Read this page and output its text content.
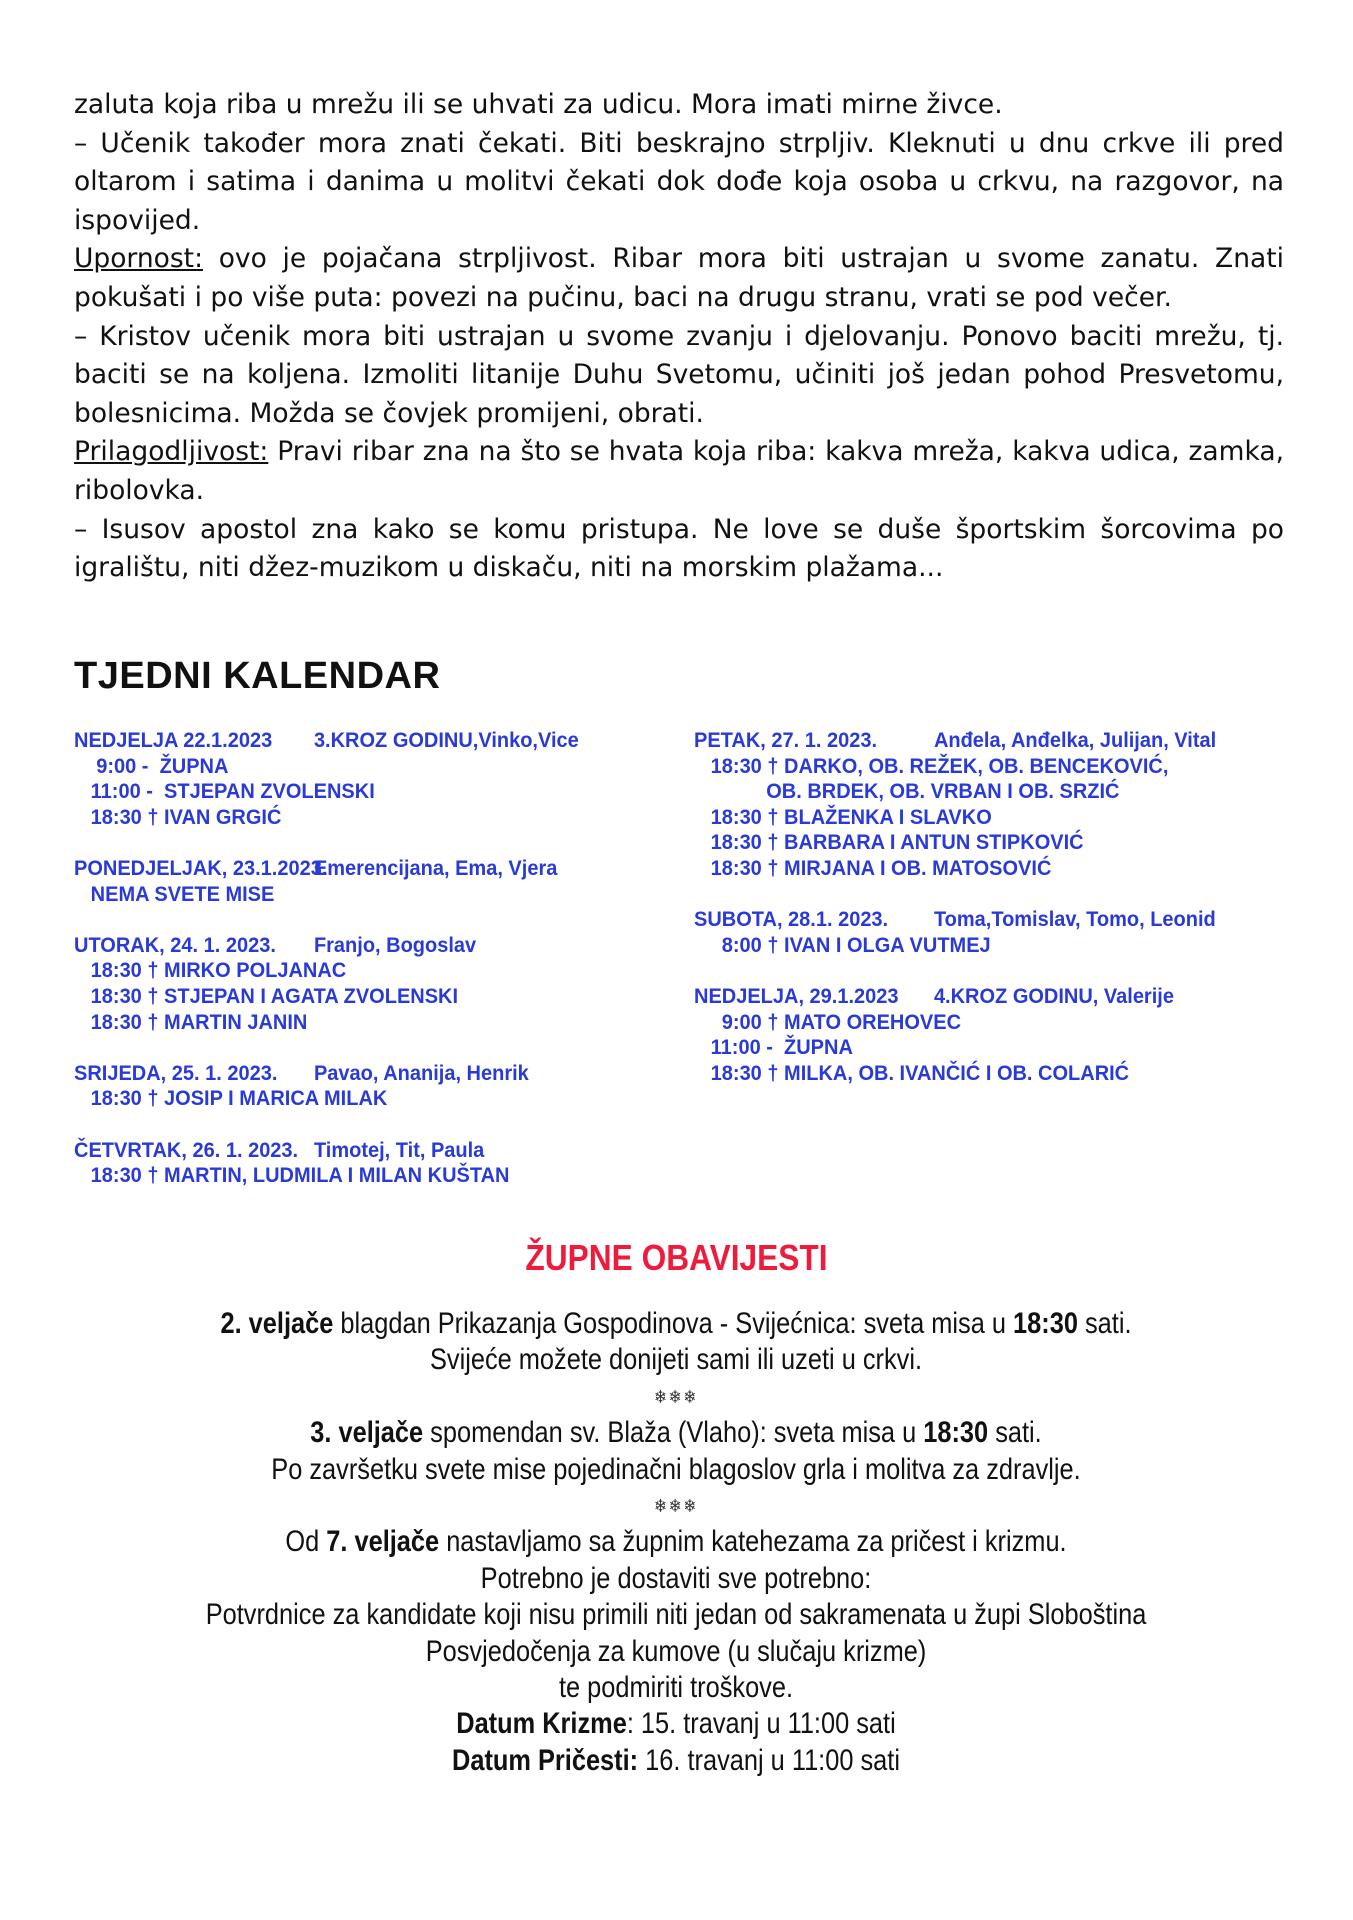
zaluta koja riba u mrežu ili se uhvati za udicu. Mora imati mirne živce.

– Učenik također mora znati čekati. Biti beskrajno strpljiv. Kleknuti u dnu crkve ili pred oltarom i satima i danima u molitvi čekati dok dođe koja osoba u crkvu, na razgovor, na ispovijed.

Upornost: ovo je pojačana strpljivost. Ribar mora biti ustrajan u svome zanatu. Znati pokušati i po više puta: povezi na pučinu, baci na drugu stranu, vrati se pod večer.

– Kristov učenik mora biti ustrajan u svome zvanju i djelovanju. Ponovo baciti mrežu, tj. baciti se na koljena. Izmoliti litanije Duhu Svetomu, učiniti još jedan pohod Presvetomu, bolesnicima. Možda se čovjek promijeni, obrati.

Prilagodljivost: Pravi ribar zna na što se hvata koja riba: kakva mreža, kakva udica, zamka, ribolovka.

– Isusov apostol zna kako se komu pristupa. Ne love se duše športskim šorcovima po igralištu, niti džez-muzikom u diskaču, niti na morskim plažama...

TJEDNI KALENDAR
NEDJELJA 22.1.2023 3.KROZ GODINU,Vinko,Vice
9:00 -  ŽUPNA
11:00 -  STJEPAN ZVOLENSKI
18:30 † IVAN GRGIĆ
PONEDJELJAK, 23.1.2023.
Emerencijana, Ema, Vjera
NEMA SVETE MISE
UTORAK, 24. 1. 2023. Franjo, Bogoslav
18:30 † MIRKO POLJANAC
18:30 † STJEPAN I AGATA ZVOLENSKI
18:30 † MARTIN JANIN
SRIJEDA, 25. 1. 2023. Pavao, Ananija, Henrik
18:30 † JOSIP I MARICA MILAK
ČETVRTAK, 26. 1. 2023. Timotej, Tit, Paula
18:30 † MARTIN, LUDMILA I MILAN KUŠTAN
PETAK, 27. 1. 2023.	Anđela, Anđelka, Julijan, Vital
18:30 † DARKO, OB. REŽEK, OB. BENCEKOVIĆ,
OB. BRDEK, OB. VRBAN I OB. SRZIĆ
18:30 † BLAŽENKA I SLAVKO
18:30 † BARBARA I ANTUN STIPKOVIĆ
18:30 † MIRJANA I OB. MATOSOVIĆ
SUBOTA, 28.1. 2023. Toma,Tomislav, Tomo, Leonid
8:00 † IVAN I OLGA VUTMEJ
NEDJELJA, 29.1.2023 4.KROZ GODINU, Valerije
9:00 † MATO OREHOVEC
11:00 -  ŽUPNA
18:30 † MILKA, OB. IVANČIĆ I OB. COLARIĆ
ŽUPNE OBAVIJESTI
2. veljače blagdan Prikazanja Gospodinova - Svijećnica: sveta misa u 18:30 sati.
Svijeće možete donijeti sami ili uzeti u crkvi.
❄❄❄
3. veljače spomendan sv. Blaža (Vlaho): sveta misa u 18:30 sati.
Po završetku svete mise pojedinačni blagoslov grla i molitva za zdravlje.
❄❄❄
Od 7. veljače nastavljamo sa župnim katehezama za pričest i krizmu.
Potrebno je dostaviti sve potrebno:
Potvrdnice za kandidate koji nisu primili niti jedan od sakramenata u župi Sloboština
Posvjedočenja za kumove (u slučaju krizme)
te podmiriti troškove.
Datum Krizme: 15. travanj u 11:00 sati
Datum Pričesti: 16. travanj u 11:00 sati
